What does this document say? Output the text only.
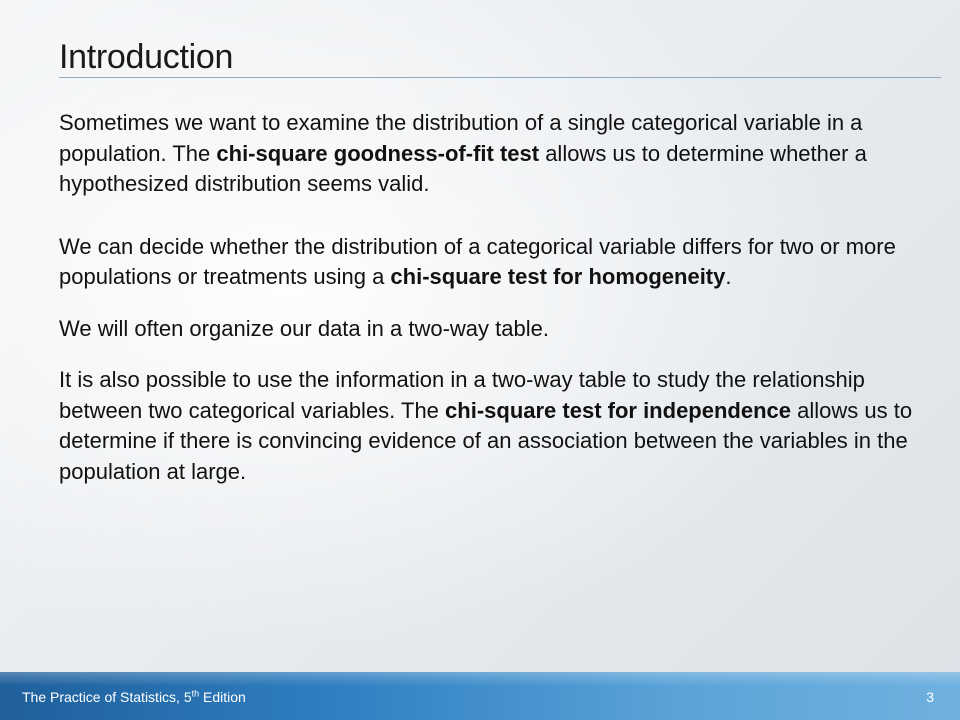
Introduction

Sometimes we want to examine the distribution of a single categorical variable in a population. The chi-square goodness-of-fit test allows us to determine whether a hypothesized distribution seems valid.

We can decide whether the distribution of a categorical variable differs for two or more populations or treatments using a chi-square test for homogeneity.

We will often organize our data in a two-way table.

It is also possible to use the information in a two-way table to study the relationship between two categorical variables. The chi-square test for independence allows us to determine if there is convincing evidence of an association between the variables in the population at large.

The Practice of Statistics, 5th Edition	3
